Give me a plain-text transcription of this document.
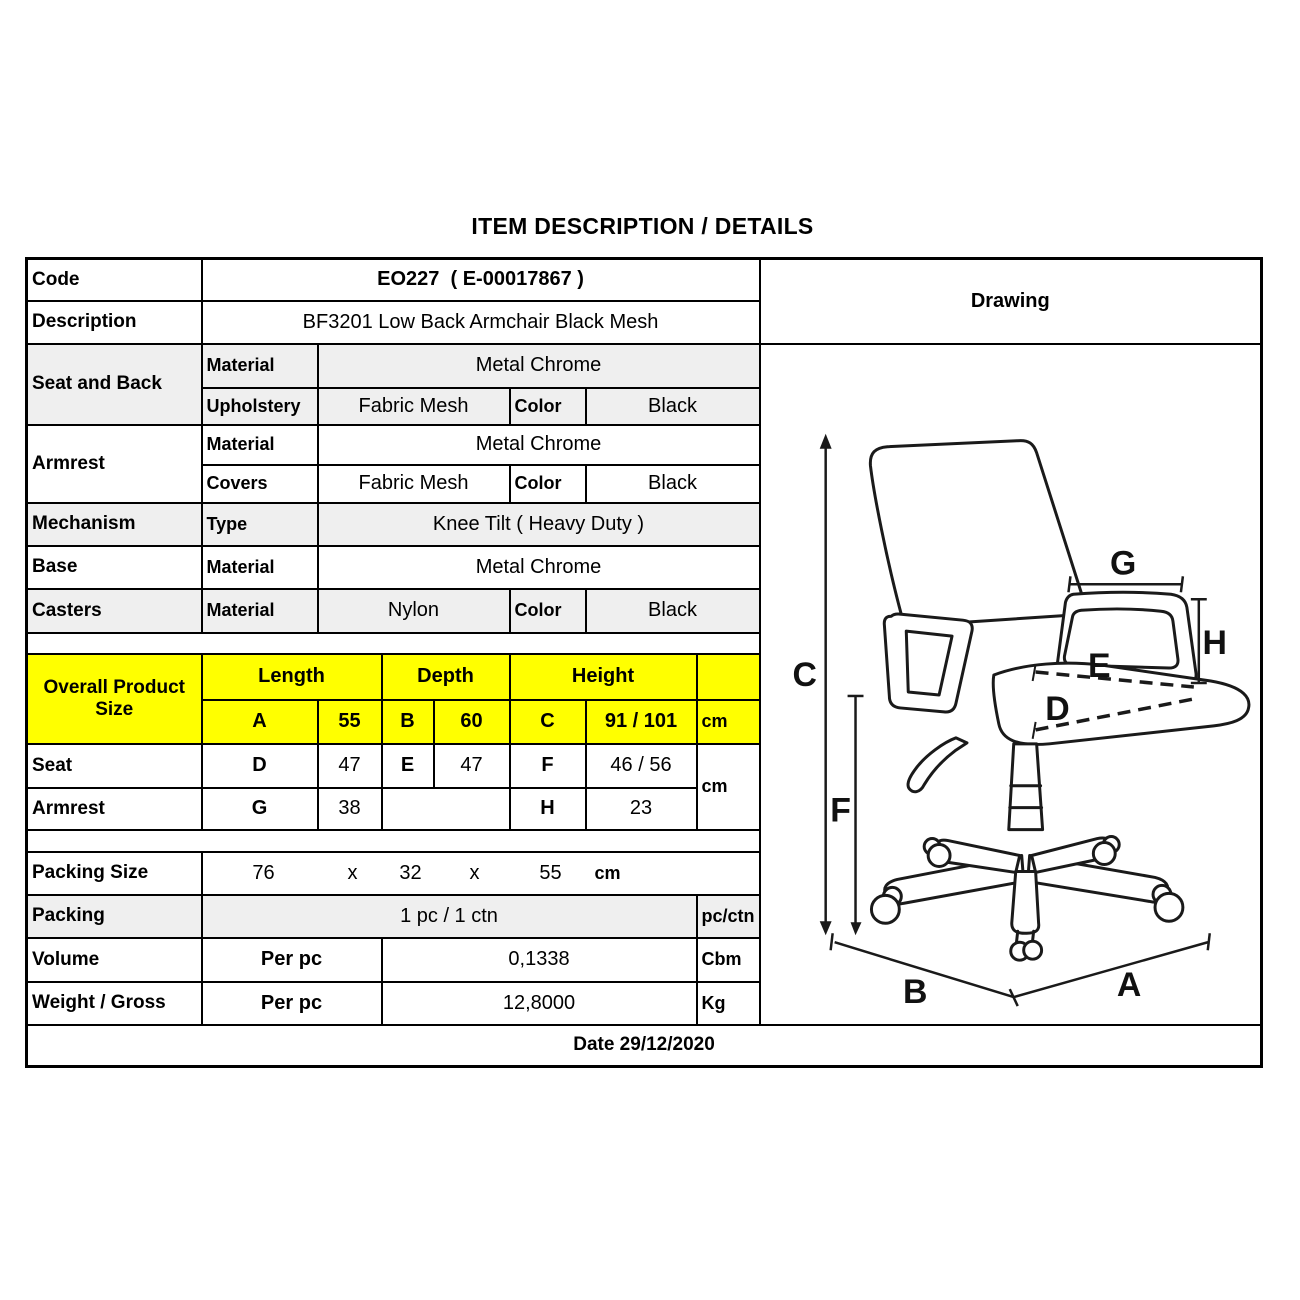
ITEM DESCRIPTION / DETAILS
Code	EO227  ( E-00017867 )							Drawing
Description	BF3201 Low Back Armchair Black Mesh							
Seat and Back	Material	Metal Chrome	
C
F
G
H
E
D
B	A

	Upholstery	Fabric Mesh			Color	Black		
Armrest	Material	Metal Chrome						
	Covers	Fabric Mesh			Color	Black		
Mechanism	Type	Knee Tilt ( Heavy Duty )						
Base	Material	Metal Chrome						
Casters	Material	Nylon			Color	Black		

Overall Product Size	Length		Depth		Height			
	A	55	B	60	C	91 / 101	cm	
Seat	D	47	E	47	F	46 / 56	cm	
Armrest	G	38			H	23		

Packing Size	76	x	32	x	55	cm

Packing	1 pc / 1 ctn						pc/ctn	
Volume	Per pc		0,1338				Cbm	
Weight / Gross	Per pc		12,8000				Kg	
Date 29/12/2020								
